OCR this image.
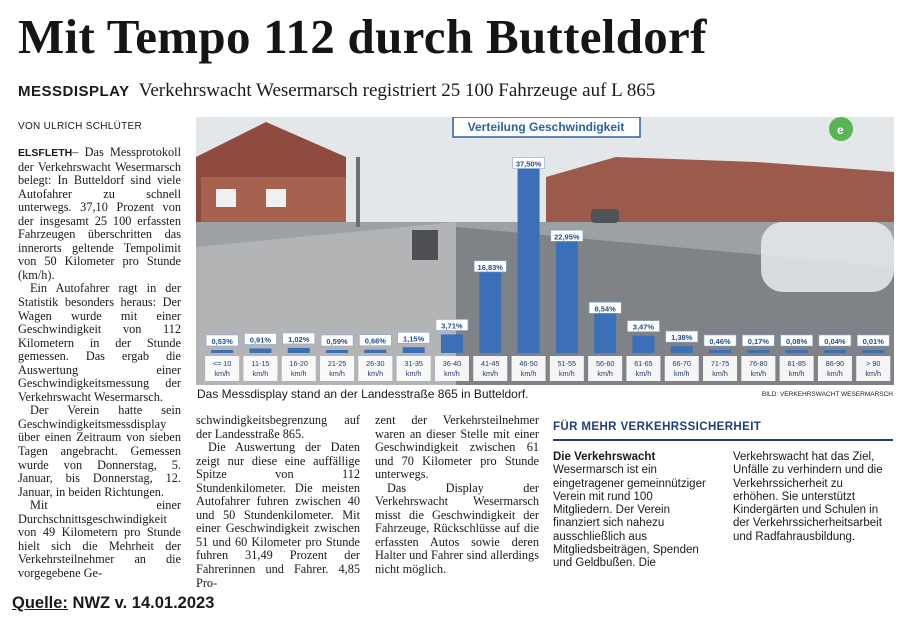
Mit Tempo 112 durch Butteldorf
MESSDISPLAY Verkehrswacht Wesermarsch registriert 25 100 Fahrzeuge auf L 865
VON ULRICH SCHLÜTER

ELSFLETH– Das Messprotokoll der Verkehrswacht Wesermarsch belegt: In Butteldorf sind viele Autofahrer zu schnell unterwegs. 37,10 Prozent von der insgesamt 25 100 erfassten Fahrzeugen überschritten das innerorts geltende Tempolimit von 50 Kilometer pro Stunde (km/h).

Ein Autofahrer ragt in der Statistik besonders heraus: Der Wagen wurde mit einer Geschwindigkeit von 112 Kilometern in der Stunde gemessen. Das ergab die Auswertung einer Geschwindigkeitsmessung der Verkehrswacht Wesermarsch.

Der Verein hatte sein Geschwindigkeitsmessdisplay über einen Zeitraum von sieben Tagen angebracht. Gemessen wurde von Donnerstag, 5. Januar, bis Donnerstag, 12. Januar, in beiden Richtungen.

Mit einer Durchschnittsgeschwindigkeit von 49 Kilometern pro Stunde hielt sich die Mehrheit der Verkehrsteilnehmer an die vorgegebene Ge-

e
Verteilung Geschwindigkeit
0,53% 0,91% 1,02% 0,59% 0,66% 1,15%
3,71%
16,83%
37,50%
22,95%
8,54%
3,47%
1,38% 0,46% 0,17% 0,08% 0,04% 0,01%
<= 10
km/h
11-15
km/h
16-20
km/h
21-25
km/h
26-30
km/h
31-35
km/h
36-40
km/h
41-45
km/h
46-50
km/h
51-55
km/h
56-60
km/h
61-65
km/h
66-70
km/h
71-75
km/h
76-80
km/h
81-85
km/h
86-90
km/h
> 90
km/h
Das Messdisplay stand an der Landesstraße 865 in Butteldorf.	BILD: VERKEHRSWACHT WESERMARSCH

schwindigkeitsbegrenzung auf der Landesstraße 865.

Die Auswertung der Daten zeigt nur diese eine auffällige Spitze von 112 Stundenkilometer. Die meisten Autofahrer fuhren zwischen 40 und 50 Stundenkilometer. Mit einer Geschwindigkeit zwischen 51 und 60 Kilometer pro Stunde fuhren 31,49 Prozent der Fahrerinnen und Fahrer. 4,85 Pro-

zent der Verkehrsteilnehmer waren an dieser Stelle mit einer Geschwindigkeit zwischen 61 und 70 Kilometer pro Stunde unterwegs.

Das Display der Verkehrswacht Wesermarsch misst die Geschwindigkeit der Fahrzeuge, Rückschlüsse auf die erfassten Autos sowie deren Halter und Fahrer sind allerdings nicht möglich.

FÜR MEHR VERKEHRSSICHERHEIT
Die Verkehrswacht Wesermarsch ist ein eingetragener gemeinnütziger Verein mit rund 100 Mitgliedern. Der Verein finanziert sich nahezu ausschließlich aus Mitgliedsbeiträgen, Spenden und Geldbußen. Die
Verkehrswacht hat das Ziel, Unfälle zu verhindern und die Verkehrssicherheit zu erhöhen. Sie unterstützt Kindergärten und Schulen in der Verkehrssicherheitsarbeit und Radfahrausbildung.
Quelle: NWZ v. 14.01.2023
